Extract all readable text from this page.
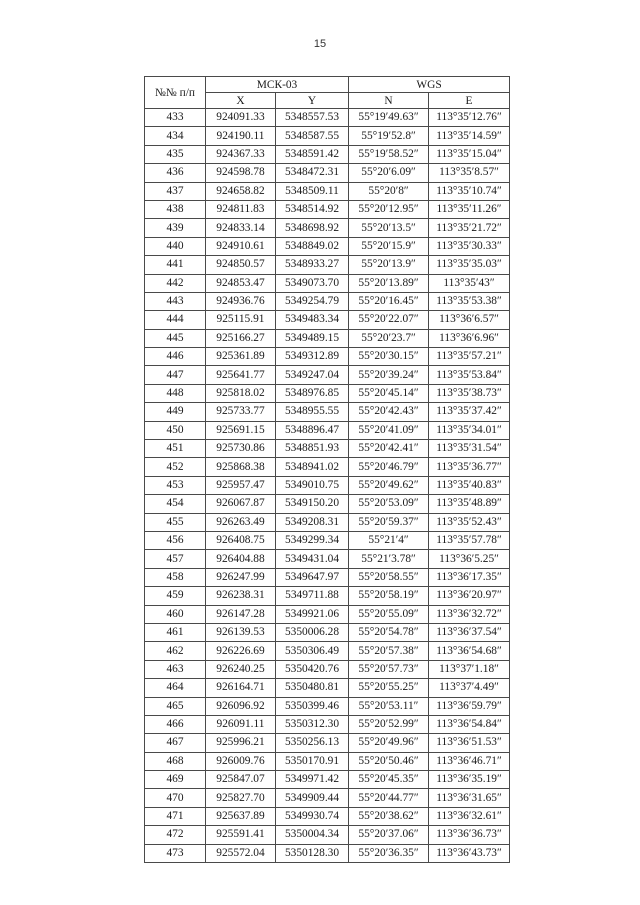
15
№№ п/п	МСК-03		WGS	
	X	Y	N	E
433	924091.33	5348557.53	55°19′49.63″	113°35′12.76″
434	924190.11	5348587.55	55°19′52.8″	113°35′14.59″
435	924367.33	5348591.42	55°19′58.52″	113°35′15.04″
436	924598.78	5348472.31	55°20′6.09″	113°35′8.57″
437	924658.82	5348509.11	55°20′8″	113°35′10.74″
438	924811.83	5348514.92	55°20′12.95″	113°35′11.26″
439	924833.14	5348698.92	55°20′13.5″	113°35′21.72″
440	924910.61	5348849.02	55°20′15.9″	113°35′30.33″
441	924850.57	5348933.27	55°20′13.9″	113°35′35.03″
442	924853.47	5349073.70	55°20′13.89″	113°35′43″
443	924936.76	5349254.79	55°20′16.45″	113°35′53.38″
444	925115.91	5349483.34	55°20′22.07″	113°36′6.57″
445	925166.27	5349489.15	55°20′23.7″	113°36′6.96″
446	925361.89	5349312.89	55°20′30.15″	113°35′57.21″
447	925641.77	5349247.04	55°20′39.24″	113°35′53.84″
448	925818.02	5348976.85	55°20′45.14″	113°35′38.73″
449	925733.77	5348955.55	55°20′42.43″	113°35′37.42″
450	925691.15	5348896.47	55°20′41.09″	113°35′34.01″
451	925730.86	5348851.93	55°20′42.41″	113°35′31.54″
452	925868.38	5348941.02	55°20′46.79″	113°35′36.77″
453	925957.47	5349010.75	55°20′49.62″	113°35′40.83″
454	926067.87	5349150.20	55°20′53.09″	113°35′48.89″
455	926263.49	5349208.31	55°20′59.37″	113°35′52.43″
456	926408.75	5349299.34	55°21′4″	113°35′57.78″
457	926404.88	5349431.04	55°21′3.78″	113°36′5.25″
458	926247.99	5349647.97	55°20′58.55″	113°36′17.35″
459	926238.31	5349711.88	55°20′58.19″	113°36′20.97″
460	926147.28	5349921.06	55°20′55.09″	113°36′32.72″
461	926139.53	5350006.28	55°20′54.78″	113°36′37.54″
462	926226.69	5350306.49	55°20′57.38″	113°36′54.68″
463	926240.25	5350420.76	55°20′57.73″	113°37′1.18″
464	926164.71	5350480.81	55°20′55.25″	113°37′4.49″
465	926096.92	5350399.46	55°20′53.11″	113°36′59.79″
466	926091.11	5350312.30	55°20′52.99″	113°36′54.84″
467	925996.21	5350256.13	55°20′49.96″	113°36′51.53″
468	926009.76	5350170.91	55°20′50.46″	113°36′46.71″
469	925847.07	5349971.42	55°20′45.35″	113°36′35.19″
470	925827.70	5349909.44	55°20′44.77″	113°36′31.65″
471	925637.89	5349930.74	55°20′38.62″	113°36′32.61″
472	925591.41	5350004.34	55°20′37.06″	113°36′36.73″
473	925572.04	5350128.30	55°20′36.35″	113°36′43.73″
